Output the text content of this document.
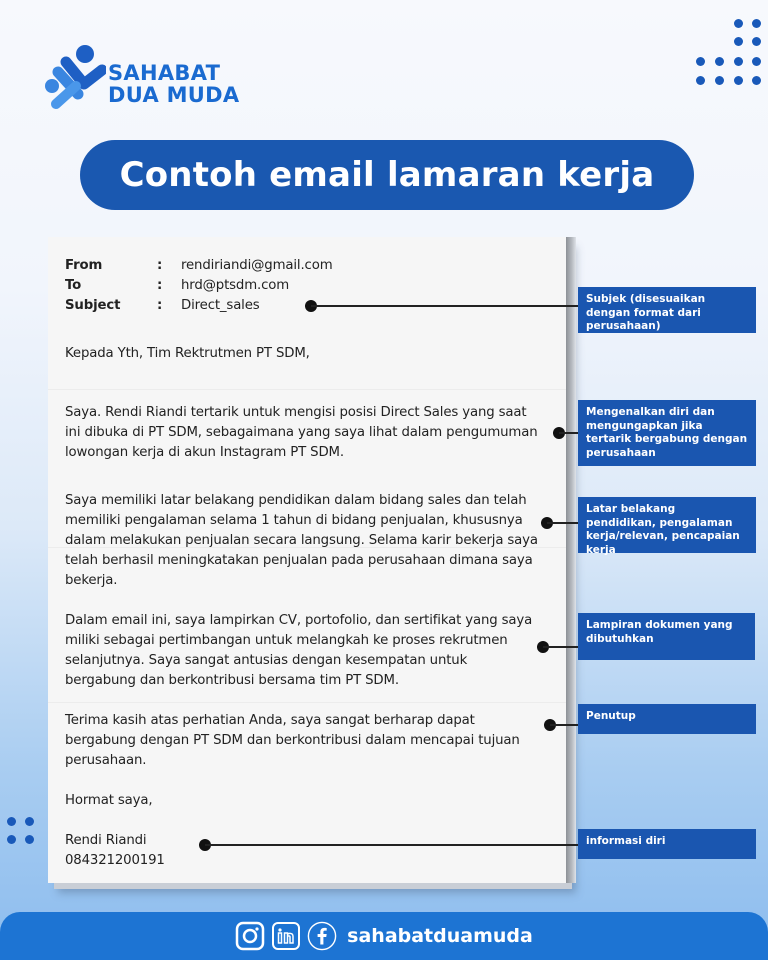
SAHABAT
DUA MUDA
Contoh email lamaran kerja
From	: rendiriandi@gmail.com
To	: hrd@ptsdm.com
Subject	: Direct_sales
Kepada Yth, Tim Rektrutmen PT SDM,
Saya. Rendi Riandi tertarik untuk mengisi posisi Direct Sales yang saat
ini dibuka di PT SDM, sebagaimana yang saya lihat dalam pengumuman
lowongan kerja di akun Instagram PT SDM.
Saya memiliki latar belakang pendidikan dalam bidang sales dan telah
memiliki pengalaman selama 1 tahun di bidang penjualan, khususnya
dalam melakukan penjualan secara langsung. Selama karir bekerja saya
telah berhasil meningkatakan penjualan pada perusahaan dimana saya
bekerja.
Dalam email ini, saya lampirkan CV, portofolio, dan sertifikat yang saya
miliki sebagai pertimbangan untuk melangkah ke proses rekrutmen
selanjutnya. Saya sangat antusias dengan kesempatan untuk
bergabung dan berkontribusi bersama tim PT SDM.
Terima kasih atas perhatian Anda, saya sangat berharap dapat
bergabung dengan PT SDM dan berkontribusi dalam mencapai tujuan
perusahaan.
Hormat saya,
Rendi Riandi
084321200191
Subjek (disesuaikan dengan format dari perusahaan)
Mengenalkan diri dan mengungapkan jika tertarik bergabung dengan perusahaan
Latar belakang pendidikan, pengalaman kerja/relevan, pencapaian kerja
Lampiran dokumen yang dibutuhkan
Penutup
informasi diri
sahabatduamuda
